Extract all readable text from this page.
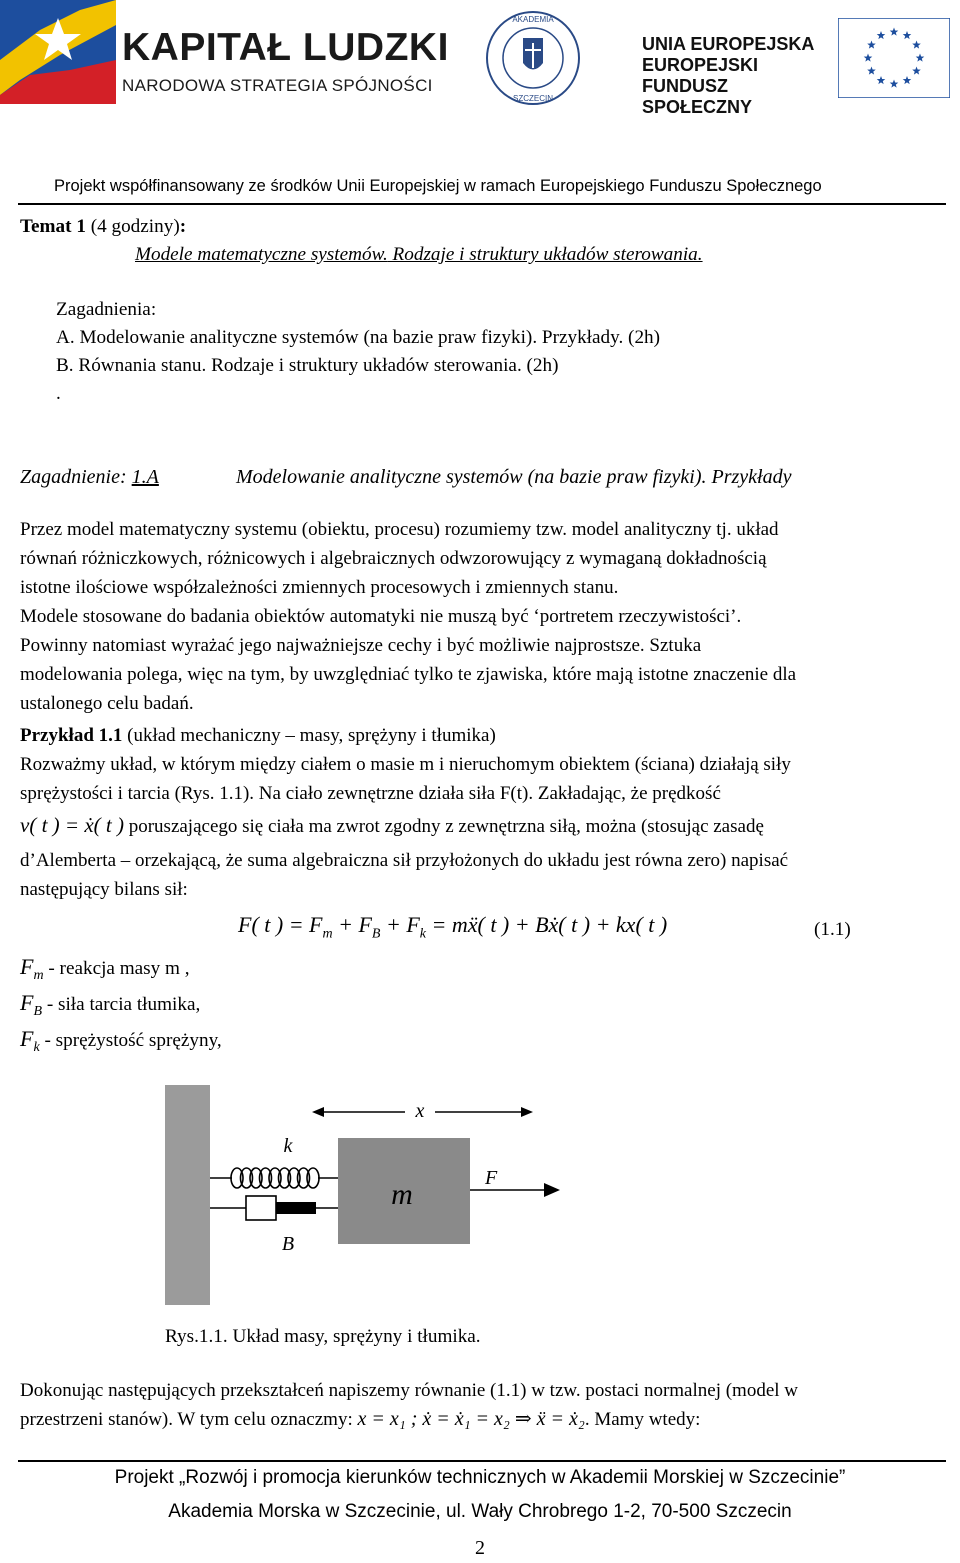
KAPITAŁ LUDZKI
NARODOWA STRATEGIA SPÓJNOŚCI
AKADEMIA
SZCZECIN
UNIA EUROPEJSKA
EUROPEJSKI
FUNDUSZ SPOŁECZNY
Projekt współfinansowany ze środków Unii Europejskiej w ramach Europejskiego Funduszu Społecznego
Temat 1 (4 godziny):
Modele matematyczne systemów. Rodzaje i struktury układów sterowania.
Zagadnienia:
A. Modelowanie analityczne systemów (na bazie praw fizyki). Przykłady. (2h)
B. Równania stanu. Rodzaje i struktury układów sterowania. (2h)
.
Zagadnienie: 1.A	Modelowanie analityczne systemów (na bazie praw fizyki). Przykłady
Przez model matematyczny systemu (obiektu, procesu) rozumiemy tzw. model analityczny tj. układ
równań różniczkowych, różnicowych i algebraicznych odwzorowujący z wymaganą dokładnością
istotne ilościowe współzależności zmiennych procesowych i zmiennych stanu.
Modele stosowane do badania obiektów automatyki nie muszą być ‘portretem rzeczywistości’.
Powinny natomiast wyrażać jego najważniejsze cechy i być możliwie najprostsze. Sztuka
modelowania polega, więc na tym, by uwzględniać tylko te zjawiska, które mają istotne znaczenie dla
ustalonego celu badań.
Przykład 1.1 (układ mechaniczny – masy, sprężyny i tłumika)
Rozważmy układ, w którym między ciałem o masie m i nieruchomym obiektem (ściana) działają siły
sprężystości i tarcia (Rys. 1.1). Na ciało zewnętrzne działa siła F(t). Zakładając, że prędkość
v( t ) = ẋ( t ) poruszającego się ciała ma zwrot zgodny z zewnętrzna siłą, można (stosując zasadę
d’Alemberta – orzekającą, że suma algebraiczna sił przyłożonych do układu jest równa zero) napisać
następujący bilans sił:
F( t ) = $F_m + F_B + F_k$ = mẍ( t ) + Bẋ( t ) + kx( t )	(1.1)
$F_m$ - reakcja masy m ,
$F_B$ - siła tarcia tłumika,
$F_k$ - sprężystość sprężyny,
x
k
B
m	F
Rys.1.1. Układ masy, sprężyny i tłumika.
Dokonując następujących przekształceń napiszemy równanie (1.1) w tzw. postaci normalnej (model w
przestrzeni stanów). W tym celu oznaczmy: x = x₁ ; ẋ = ẋ₁ = x₂ ⇒ ẍ = ẋ₂. Mamy wtedy:
Projekt „Rozwój i promocja kierunków technicznych w Akademii Morskiej w Szczecinie”
Akademia Morska w Szczecinie, ul. Wały Chrobrego 1-2, 70-500 Szczecin
2
